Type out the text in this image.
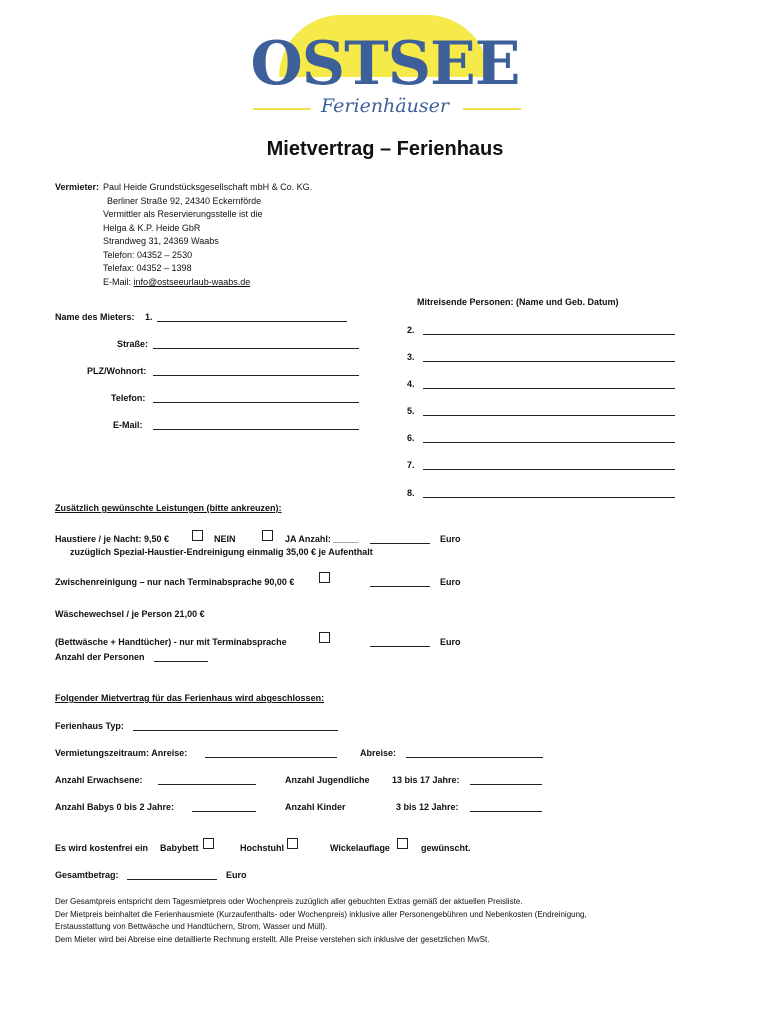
OSTSEE
Ferienhäuser
Mietvertrag – Ferienhaus
Vermieter: Paul Heide Grundstücksgesellschaft mbH & Co. KG.
Berliner Straße 92, 24340 Eckernförde
Vermittler als Reservierungsstelle ist die
Helga & K.P. Heide GbR
Strandweg 31, 24369 Waabs
Telefon: 04352 – 2530
Telefax: 04352 – 1398
E-Mail: info@ostseeurlaub-waabs.de
Mitreisende Personen: (Name und Geb. Datum)
Name des Mieters: 1.
Straße:
PLZ/Wohnort:
Telefon:
E-Mail:
2.
3.
4.
5.
6.
7.
8.
Zusätzlich gewünschte Leistungen (bitte ankreuzen):
Haustiere / je Nacht: 9,50 €	NEIN	JA Anzahl: _____	Euro
zuzüglich Spezial-Haustier-Endreinigung einmalig 35,00 € je Aufenthalt
Zwischenreinigung – nur nach Terminabsprache 90,00 €	Euro
Wäschewechsel / je Person 21,00 €
(Bettwäsche + Handtücher) - nur mit Terminabsprache	Euro
Anzahl der Personen
Folgender Mietvertrag für das Ferienhaus wird abgeschlossen:
Ferienhaus Typ:
Vermietungszeitraum: Anreise:	Abreise:
Anzahl Erwachsene:	Anzahl Jugendliche 13 bis 17 Jahre:
Anzahl Babys 0 bis 2 Jahre:	Anzahl Kinder	3 bis 12 Jahre:
Es wird kostenfrei ein Babybett	Hochstuhl	Wickelauflage	gewünscht.
Gesamtbetrag:	Euro
Der Gesamtpreis entspricht dem Tagesmietpreis oder Wochenpreis zuzüglich aller gebuchten Extras gemäß der aktuellen Preisliste.
Der Mietpreis beinhaltet die Ferienhausmiete (Kurzaufenthalts- oder Wochenpreis) inklusive aller Personengebühren und Nebenkosten (Endreinigung,
Erstausstattung von Bettwäsche und Handtüchern, Strom, Wasser und Müll).
Dem Mieter wird bei Abreise eine detaillierte Rechnung erstellt. Alle Preise verstehen sich inklusive der gesetzlichen MwSt.
